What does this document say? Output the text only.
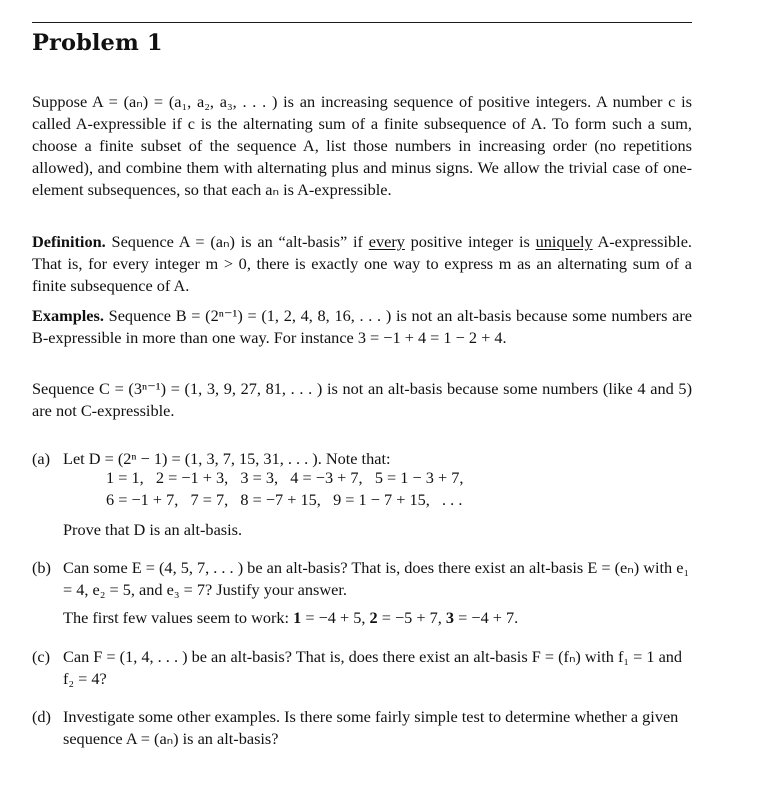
Problem 1

Suppose A = (aₙ) = (a₁, a₂, a₃, . . . ) is an increasing sequence of positive integers. A number c is called A-expressible if c is the alternating sum of a finite subsequence of A. To form such a sum, choose a finite subset of the sequence A, list those numbers in increasing order (no repetitions allowed), and combine them with alternating plus and minus signs. We allow the trivial case of one-element subsequences, so that each aₙ is A-expressible.

Definition. Sequence A = (aₙ) is an “alt-basis” if every positive integer is uniquely A-expressible. That is, for every integer m > 0, there is exactly one way to express m as an alternating sum of a finite subsequence of A.

Examples. Sequence B = (2ⁿ⁻¹) = (1, 2, 4, 8, 16, . . . ) is not an alt-basis because some numbers are B-expressible in more than one way. For instance 3 = −1 + 4 = 1 − 2 + 4.

Sequence C = (3ⁿ⁻¹) = (1, 3, 9, 27, 81, . . . ) is not an alt-basis because some numbers (like 4 and 5) are not C-expressible.

(a) Let D = (2ⁿ − 1) = (1, 3, 7, 15, 31, . . . ). Note that:
1 = 1,   2 = −1 + 3,   3 = 3,   4 = −3 + 7,   5 = 1 − 3 + 7,
6 = −1 + 7,   7 = 7,   8 = −7 + 15,   9 = 1 − 7 + 15,   . . .
Prove that D is an alt-basis.
(b) Can some E = (4, 5, 7, . . . ) be an alt-basis? That is, does there exist an alt-basis E = (eₙ) with e₁ = 4, e₂ = 5, and e₃ = 7? Justify your answer.
The first few values seem to work: 1 = −4 + 5, 2 = −5 + 7, 3 = −4 + 7.
(c) Can F = (1, 4, . . . ) be an alt-basis? That is, does there exist an alt-basis F = (fₙ) with f₁ = 1 and f₂ = 4?
(d) Investigate some other examples. Is there some fairly simple test to determine whether a given sequence A = (aₙ) is an alt-basis?
